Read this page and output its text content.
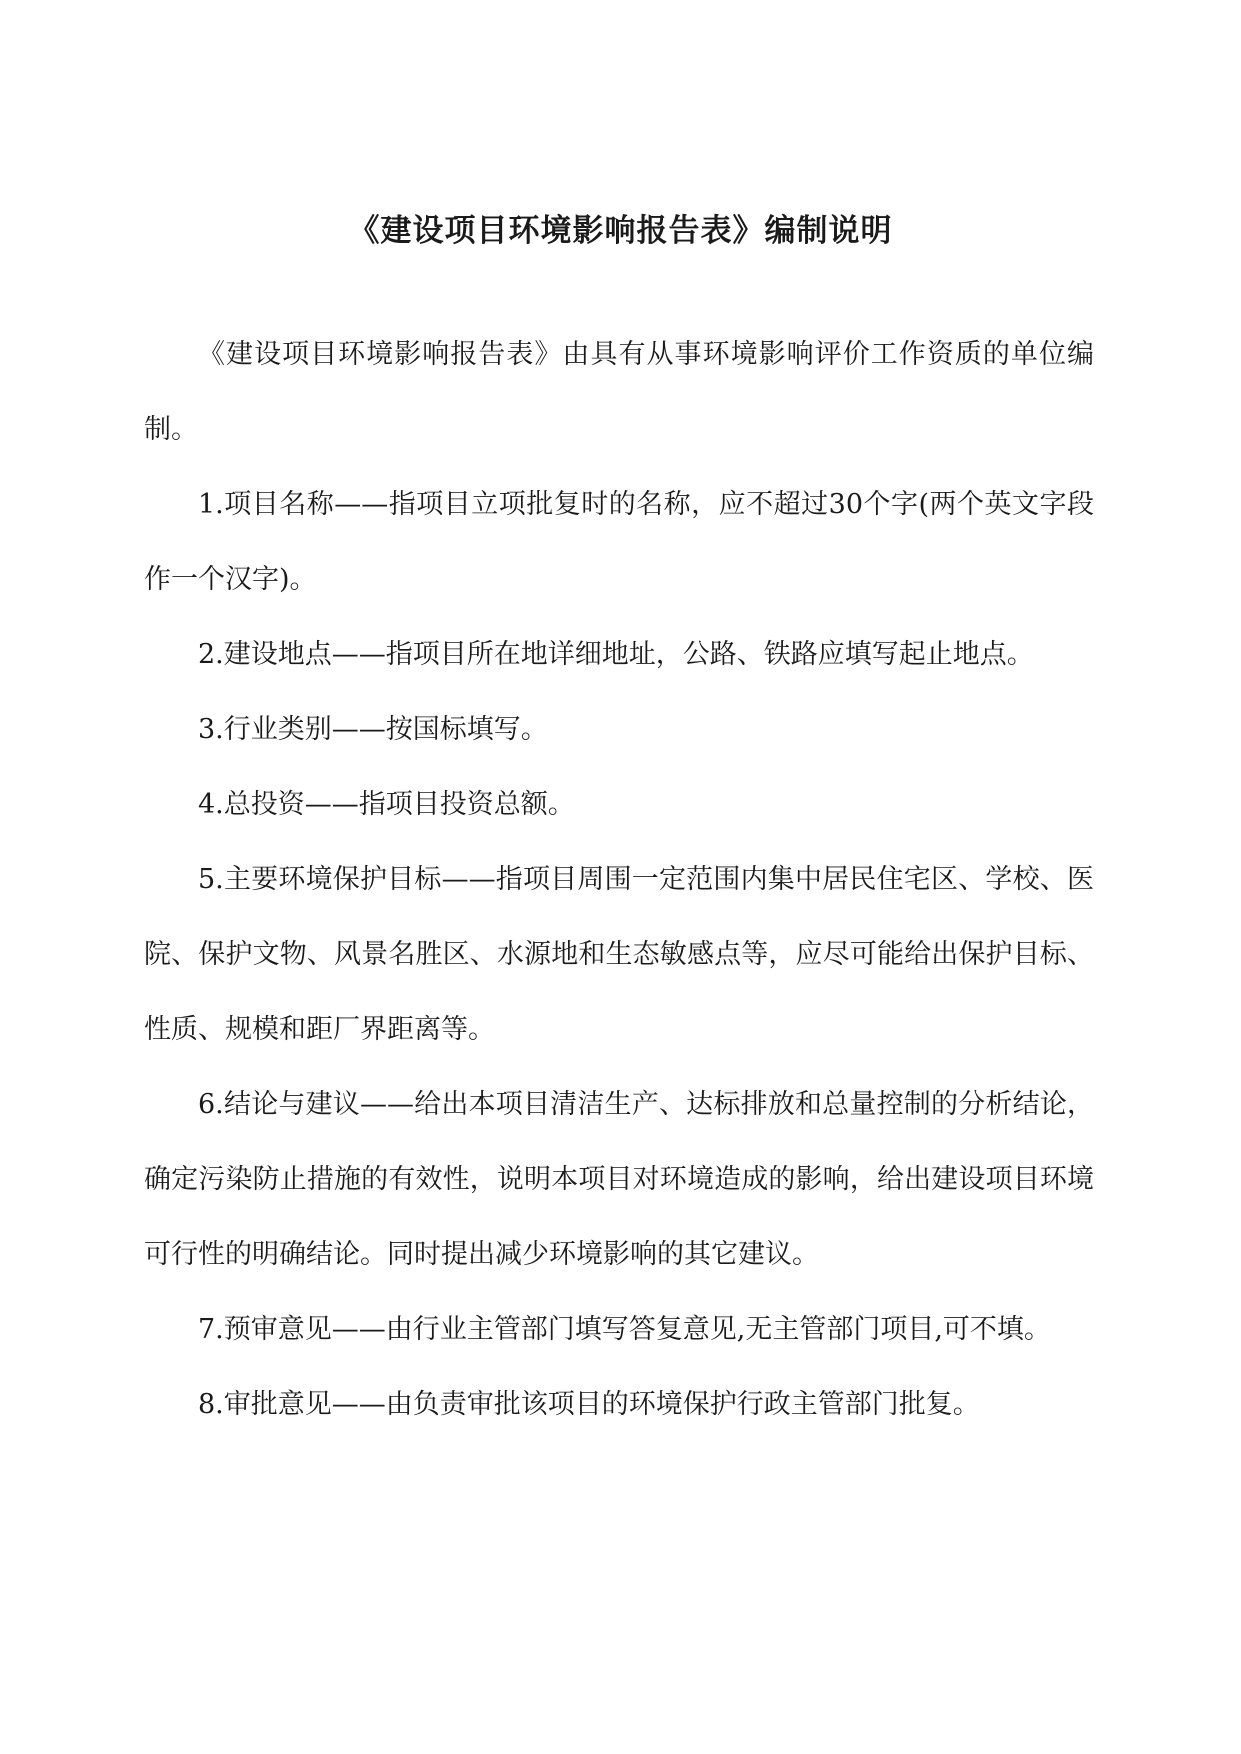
《建设项目环境影响报告表》编制说明

《建设项目环境影响报告表》由具有从事环境影响评价工作资质的单位编制。

1.项目名称——指项目立项批复时的名称，应不超过30个字(两个英文字段作一个汉字)。

2.建设地点——指项目所在地详细地址，公路、铁路应填写起止地点。

3.行业类别——按国标填写。

4.总投资——指项目投资总额。

5.主要环境保护目标——指项目周围一定范围内集中居民住宅区、学校、医院、保护文物、风景名胜区、水源地和生态敏感点等，应尽可能给出保护目标、性质、规模和距厂界距离等。

6.结论与建议——给出本项目清洁生产、达标排放和总量控制的分析结论，确定污染防止措施的有效性，说明本项目对环境造成的影响，给出建设项目环境可行性的明确结论。同时提出减少环境影响的其它建议。

7.预审意见——由行业主管部门填写答复意见,无主管部门项目,可不填。

8.审批意见——由负责审批该项目的环境保护行政主管部门批复。
